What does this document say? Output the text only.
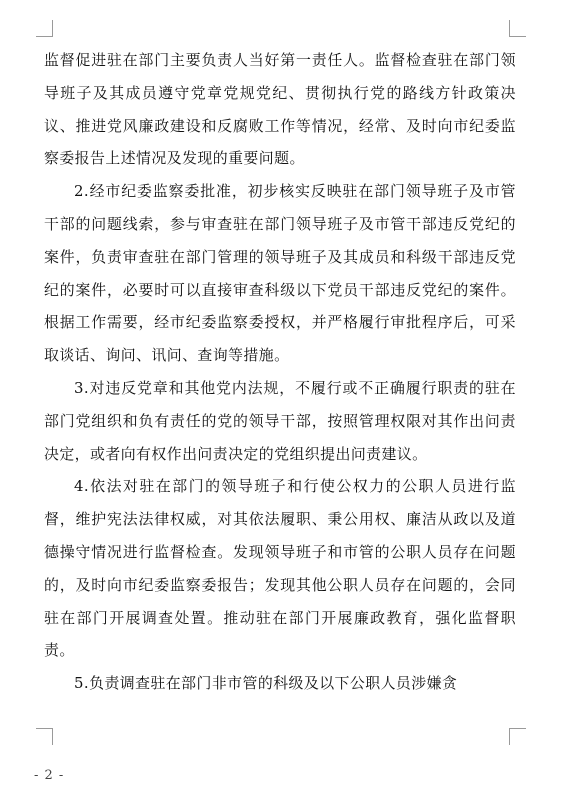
监督促进驻在部门主要负责人当好第一责任人。监督检查驻在部门领导班子及其成员遵守党章党规党纪、贯彻执行党的路线方针政策决议、推进党风廉政建设和反腐败工作等情况，经常、及时向市纪委监察委报告上述情况及发现的重要问题。

2.经市纪委监察委批准，初步核实反映驻在部门领导班子及市管干部的问题线索，参与审查驻在部门领导班子及市管干部违反党纪的案件，负责审查驻在部门管理的领导班子及其成员和科级干部违反党纪的案件，必要时可以直接审查科级以下党员干部违反党纪的案件。根据工作需要，经市纪委监察委授权，并严格履行审批程序后，可采取谈话、询问、讯问、查询等措施。

3.对违反党章和其他党内法规，不履行或不正确履行职责的驻在部门党组织和负有责任的党的领导干部，按照管理权限对其作出问责决定，或者向有权作出问责决定的党组织提出问责建议。

4.依法对驻在部门的领导班子和行使公权力的公职人员进行监督，维护宪法法律权威，对其依法履职、秉公用权、廉洁从政以及道德操守情况进行监督检查。发现领导班子和市管的公职人员存在问题的，及时向市纪委监察委报告；发现其他公职人员存在问题的，会同驻在部门开展调查处置。推动驻在部门开展廉政教育，强化监督职责。

5.负责调查驻在部门非市管的科级及以下公职人员涉嫌贪

- 2 -
